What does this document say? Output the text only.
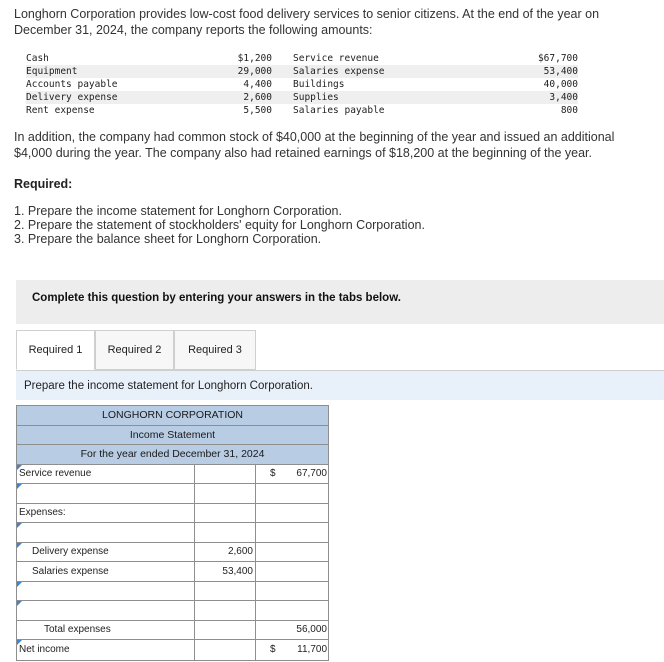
Longhorn Corporation provides low-cost food delivery services to senior citizens. At the end of the year on December 31, 2024, the company reports the following amounts:
Cash	$1,200 Service revenue	$67,700
Equipment	29,000 Salaries expense	53,400
Accounts payable	4,400 Buildings	40,000
Delivery expense	2,600 Supplies	3,400
Rent expense	5,500 Salaries payable	800
In addition, the company had common stock of $40,000 at the beginning of the year and issued an additional $4,000 during the year. The company also had retained earnings of $18,200 at the beginning of the year.
Required:
1. Prepare the income statement for Longhorn Corporation.
2. Prepare the statement of stockholders' equity for Longhorn Corporation.
3. Prepare the balance sheet for Longhorn Corporation.
Complete this question by entering your answers in the tabs below.
Required 1	Required 2	Required 3
Prepare the income statement for Longhorn Corporation.
LONGHORN CORPORATION
Income Statement
For the year ended December 31, 2024
Service revenue	$	67,700
Expenses:
Delivery expense	2,600
Salaries expense	53,400
Total expenses	56,000
Net income	$	11,700
